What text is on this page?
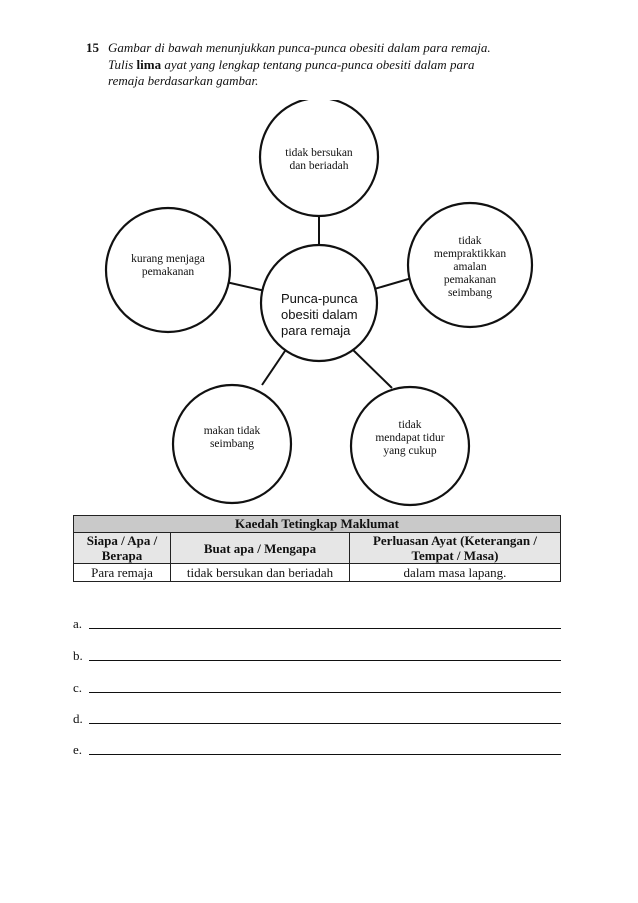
15 Gambar di bawah menunjukkan punca-punca obesiti dalam para remaja.
Tulis lima ayat yang lengkap tentang punca-punca obesiti dalam para
remaja berdasarkan gambar.
tidak bersukan
dan beriadah
tidak
mempraktikkan
amalan
pemakanan
seimbang
tidak
mendapat tidur
yang cukup
makan tidak
seimbang
kurang menjaga
pemakanan
Punca-punca
obesiti dalam
para remaja
Kaedah Tetingkap Maklumat		
Siapa / Apa / Berapa	Buat apa / Mengapa	Perluasan Ayat (Keterangan / Tempat / Masa)
Para remaja	tidak bersukan dan beriadah	dalam masa lapang.
a.
b.
c.
d.
e.
